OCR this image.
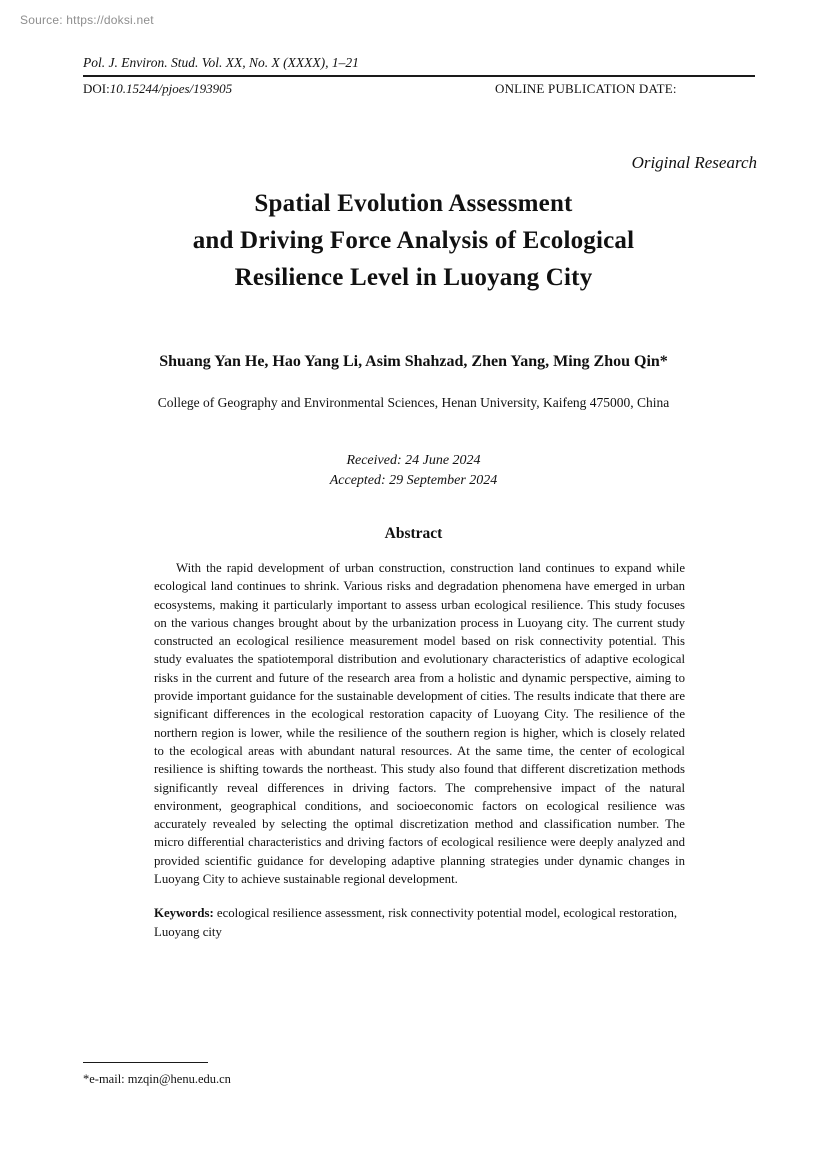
Source: https://doksi.net
Pol. J. Environ. Stud. Vol. XX, No. X (XXXX), 1–21
DOI:10.15244/pjoes/193905	ONLINE PUBLICATION DATE:
Original Research
Spatial Evolution Assessment
and Driving Force Analysis of Ecological
Resilience Level in Luoyang City
Shuang Yan He, Hao Yang Li, Asim Shahzad, Zhen Yang, Ming Zhou Qin*
College of Geography and Environmental Sciences, Henan University, Kaifeng 475000, China
Received: 24 June 2024
Accepted: 29 September 2024
Abstract
With the rapid development of urban construction, construction land continues to expand while ecological land continues to shrink. Various risks and degradation phenomena have emerged in urban ecosystems, making it particularly important to assess urban ecological resilience. This study focuses on the various changes brought about by the urbanization process in Luoyang city. The current study constructed an ecological resilience measurement model based on risk connectivity potential. This study evaluates the spatiotemporal distribution and evolutionary characteristics of adaptive ecological risks in the current and future of the research area from a holistic and dynamic perspective, aiming to provide important guidance for the sustainable development of cities. The results indicate that there are significant differences in the ecological restoration capacity of Luoyang City. The resilience of the northern region is lower, while the resilience of the southern region is higher, which is closely related to the ecological areas with abundant natural resources. At the same time, the center of ecological resilience is shifting towards the northeast. This study also found that different discretization methods significantly reveal differences in driving factors. The comprehensive impact of the natural environment, geographical conditions, and socioeconomic factors on ecological resilience was accurately revealed by selecting the optimal discretization method and classification number. The micro differential characteristics and driving factors of ecological resilience were deeply analyzed and provided scientific guidance for developing adaptive planning strategies under dynamic changes in Luoyang City to achieve sustainable regional development.
Keywords: ecological resilience assessment, risk connectivity potential model, ecological restoration, Luoyang city
*e-mail: mzqin@henu.edu.cn
